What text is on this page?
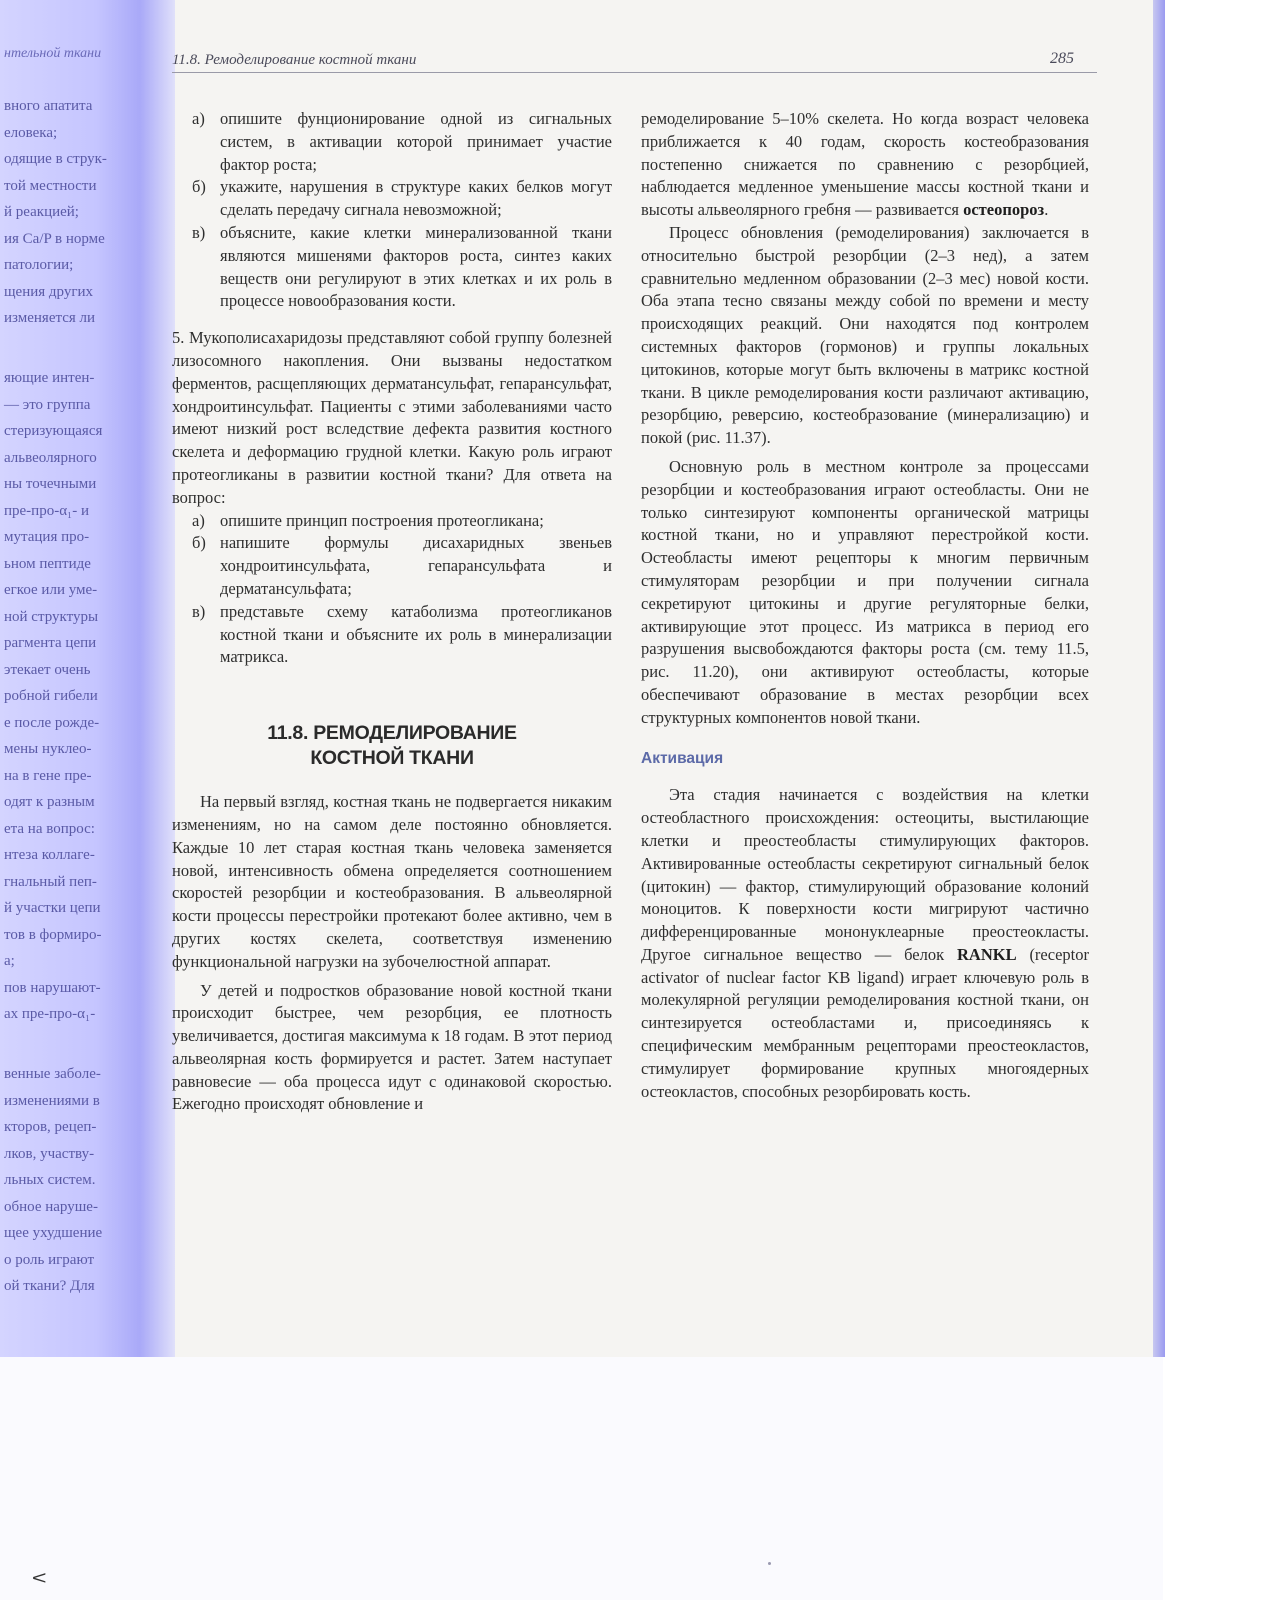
нтельной ткани
вного апатита
еловека;
одящие в струк-
той местности
й реакцией;
ия Ca/P в норме
патологии;
щения других
изменяется ли
яющие интен-
— это группа
стеризующаяся
альвеолярного
ны точечными
пре-про-α₁- и
мутация про-
ьном пептиде
егкое или уме-
ной структуры
рагмента цепи
этекает очень
робной гибели
е после рожде-
мены нуклео-
на в гене пре-
одят к разным
ета на вопрос:
нтеза коллаге-
гнальный пеп-
й участки цепи
тов в формиро-
а;
пов нарушают-
ах пре-про-α₁-
венные заболе-
изменениями в
кторов, рецеп-
лков, участву-
льных систем.
обное наруше-
щее ухудшение
о роль играют
ой ткани? Для
11.8. Ремоделирование костной ткани	285
а) опишите фунционирование одной из сигнальных систем, в активации которой принимает участие фактор роста;
б) укажите, нарушения в структуре каких белков могут сделать передачу сигнала невозможной;
в) объясните, какие клетки минерализованной ткани являются мишенями факторов роста, синтез каких веществ они регулируют в этих клетках и их роль в процессе новообразования кости.

5. Мукополисахаридозы представляют собой группу болезней лизосомного накопления. Они вызваны недостатком ферментов, расщепляющих дерматансульфат, гепарансульфат, хондроитинсульфат. Пациенты с этими заболеваниями часто имеют низкий рост вследствие дефекта развития костного скелета и деформацию грудной клетки. Какую роль играют протеогликаны в развитии костной ткани? Для ответа на вопрос:

а) опишите принцип построения протеогликана;
б) напишите формулы дисахаридных звеньев хондроитинсульфата, гепарансульфата и дерматансульфата;
в) представьте схему катаболизма протеогликанов костной ткани и объясните их роль в минерализации матрикса.
11.8. РЕМОДЕЛИРОВАНИЕ
КОСТНОЙ ТКАНИ

На первый взгляд, костная ткань не подвергается никаким изменениям, но на самом деле постоянно обновляется. Каждые 10 лет старая костная ткань человека заменяется новой, интенсивность обмена определяется соотношением скоростей резорбции и костеобразования. В альвеолярной кости процессы перестройки протекают более активно, чем в других костях скелета, соответствуя изменению функциональной нагрузки на зубочелюстной аппарат.

У детей и подростков образование новой костной ткани происходит быстрее, чем резорбция, ее плотность увеличивается, достигая максимума к 18 годам. В этот период альвеолярная кость формируется и растет. Затем наступает равновесие — оба процесса идут с одинаковой скоростью. Ежегодно происходят обновление и

ремоделирование 5–10% скелета. Но когда возраст человека приближается к 40 годам, скорость костеобразования постепенно снижается по сравнению с резорбцией, наблюдается медленное уменьшение массы костной ткани и высоты альвеолярного гребня — развивается остеопороз.

Процесс обновления (ремоделирования) заключается в относительно быстрой резорбции (2–3 нед), а затем сравнительно медленном образовании (2–3 мес) новой кости. Оба этапа тесно связаны между собой по времени и месту происходящих реакций. Они находятся под контролем системных факторов (гормонов) и группы локальных цитокинов, которые могут быть включены в матрикс костной ткани. В цикле ремоделирования кости различают активацию, резорбцию, реверсию, костеобразование (минерализацию) и покой (рис. 11.37).

Основную роль в местном контроле за процессами резорбции и костеобразования играют остеобласты. Они не только синтезируют компоненты органической матрицы костной ткани, но и управляют перестройкой кости. Остеобласты имеют рецепторы к многим первичным стимуляторам резорбции и при получении сигнала секретируют цитокины и другие регуляторные белки, активирующие этот процесс. Из матрикса в период его разрушения высвобождаются факторы роста (см. тему 11.5, рис. 11.20), они активируют остеобласты, которые обеспечивают образование в местах резорбции всех структурных компонентов новой ткани.

Активация

Эта стадия начинается с воздействия на клетки остеобластного происхождения: остеоциты, выстилающие клетки и преостеобласты стимулирующих факторов. Активированные остеобласты секретируют сигнальный белок (цитокин) — фактор, стимулирующий образование колоний моноцитов. К поверхности кости мигрируют частично дифференцированные мононуклеарные преостеокласты. Другое сигнальное вещество — белок RANKL (receptor activator of nuclear factor KB ligand) играет ключевую роль в молекулярной регуляции ремоделирования костной ткани, он синтезируется остеобластами и, присоединяясь к специфическим мембранным рецепторами преостеокластов, стимулирует формирование крупных многоядерных остеокластов, способных резорбировать кость.

<
